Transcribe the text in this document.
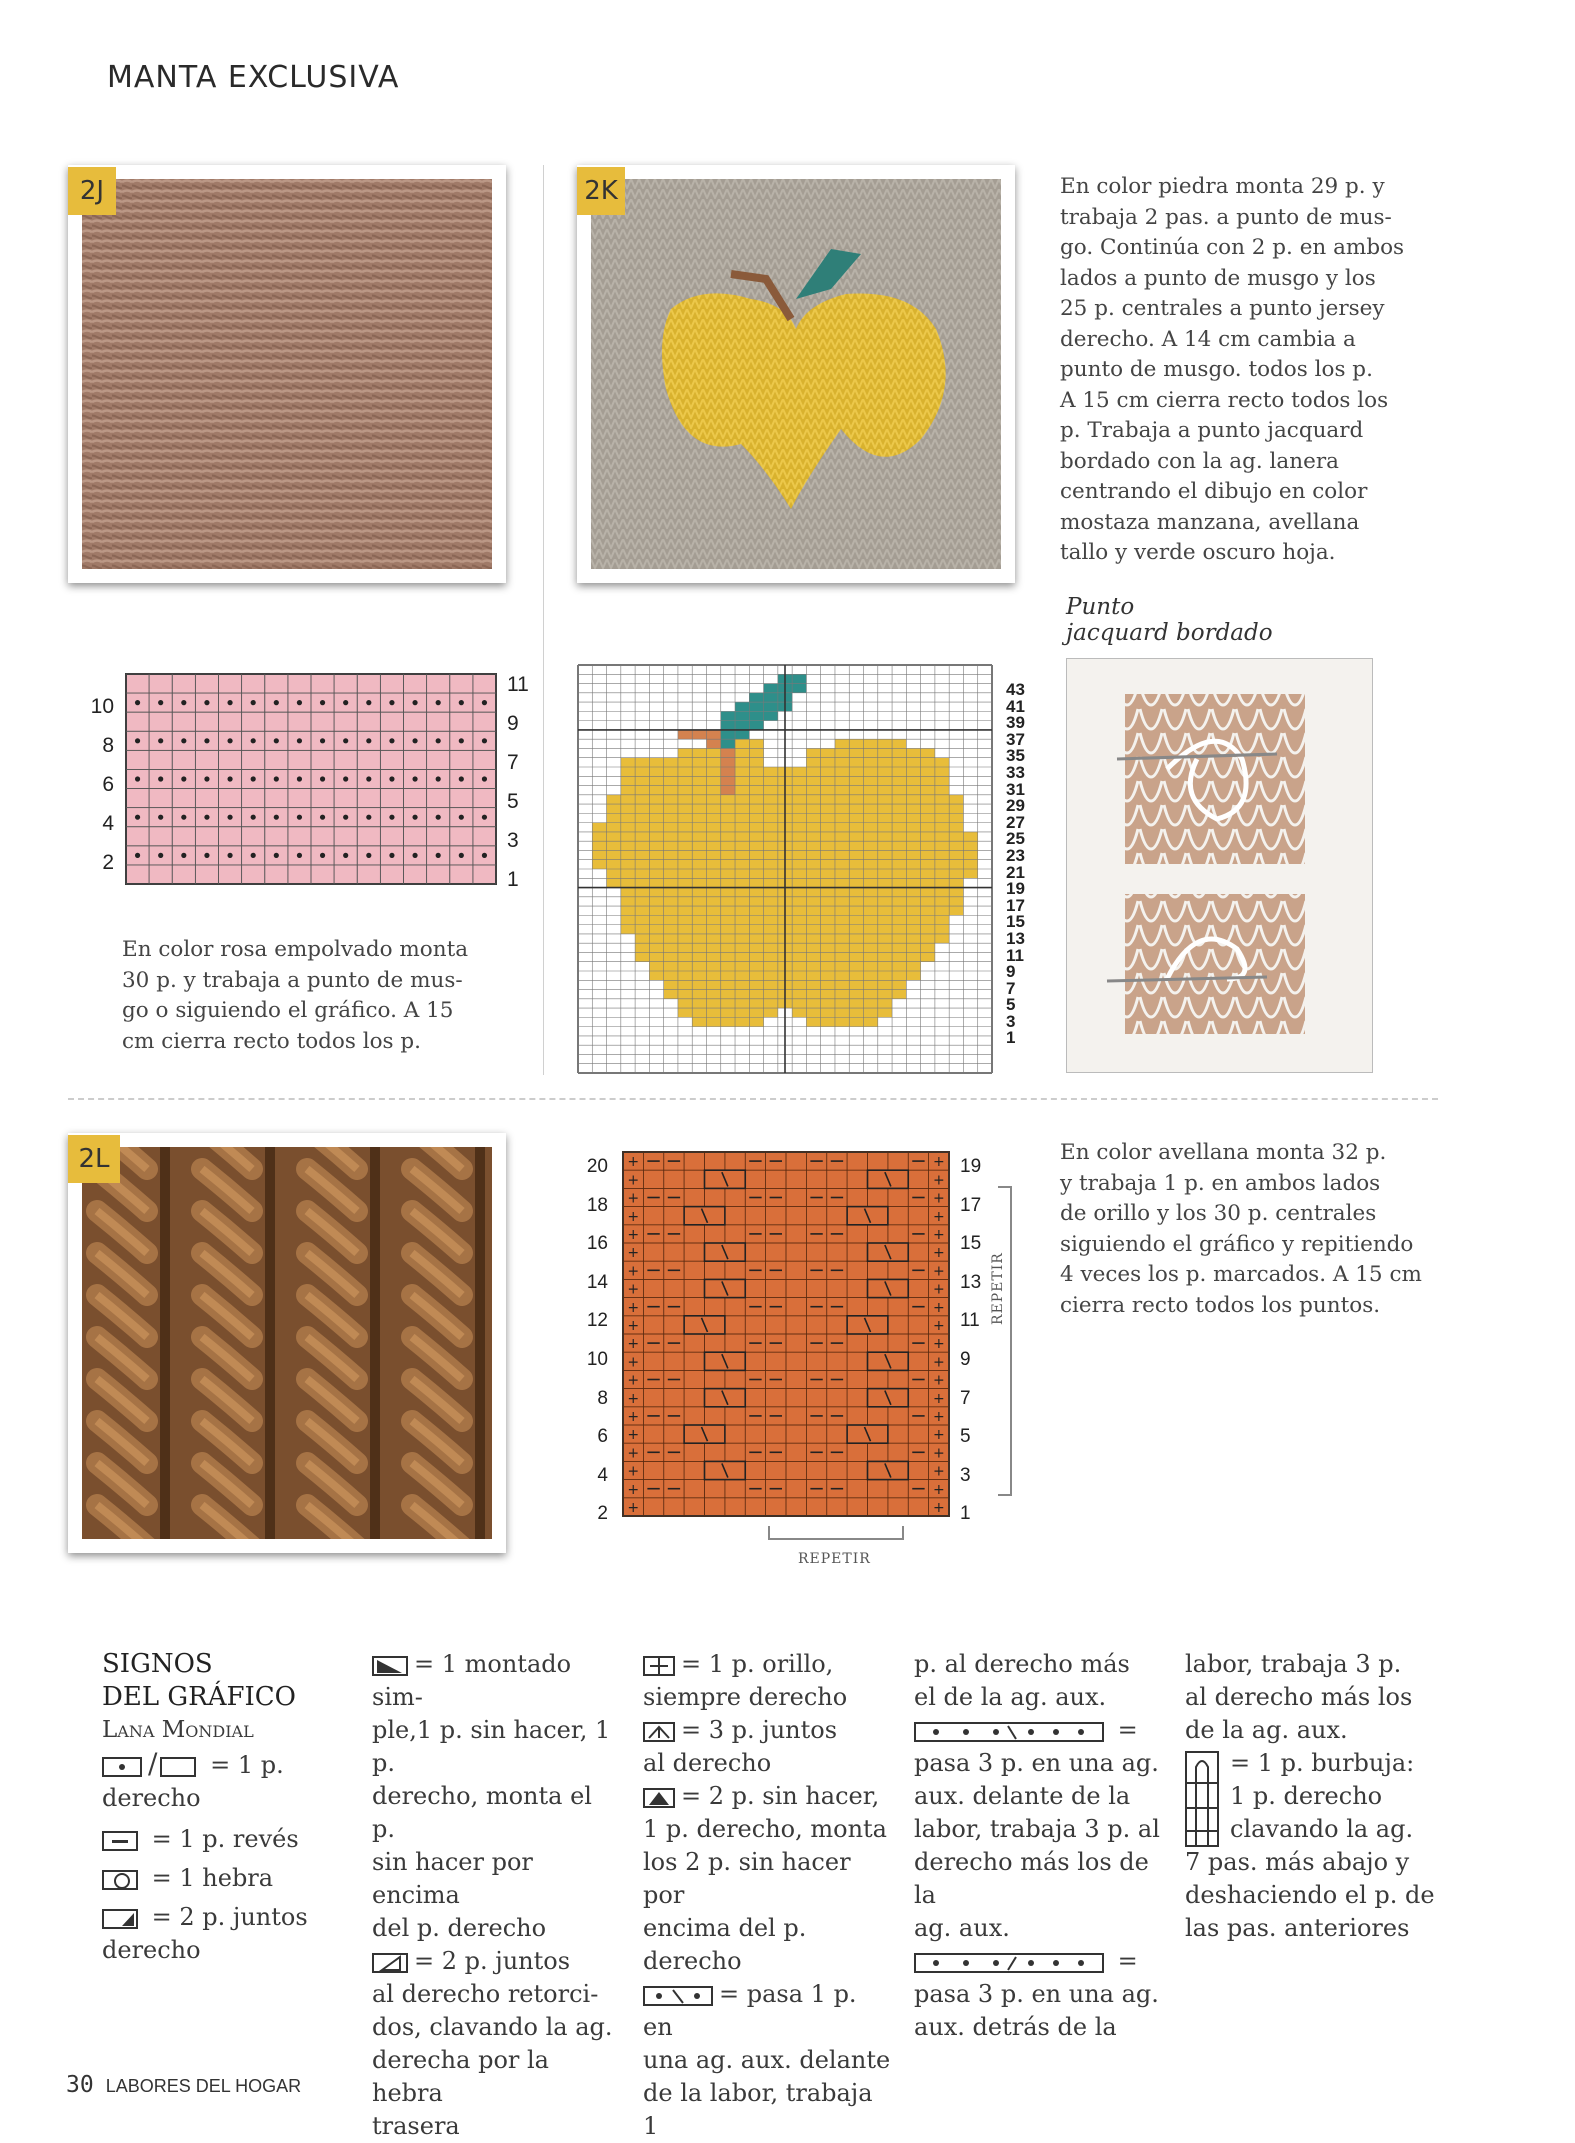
MANTA EXCLUSIVA
2J	2K	En color piedra monta 29 p. y
trabaja 2 pas. a punto de mus-
go. Continúa con 2 p. en ambos
lados a punto de musgo y los
25 p. centrales a punto jersey
derecho. A 14 cm cambia a
punto de musgo. todos los p.
A 15 cm cierra recto todos los
p. Trabaja a punto jacquard
bordado con la ag. lanera
centrando el dibujo en color
mostaza manzana, avellana
tallo y verde oscuro hoja.
10
8
6
4
2
11
9
7
5
3
1
En color rosa empolvado monta
30 p. y trabaja a punto de mus-
go o siguiendo el gráfico. A 15
cm cierra recto todos los p.
43
41
39
37
35
33
31
29
27
25
23
21
19
17
15
13
11
9
7
5
3
1
Punto
jacquard bordado
2L	20
18
16
14
12
10
8
6
4
2
+	+
+	+
+	+
+	+
+	+
+	+
+	+
+	+
+	+
+	+
+	+
+	+
+	+
+	+
+	+
+	+
+	+
+	+
+	+
+	+
19
17
15
13
11
9
7
5
3
1
REPETIR
REPETIR
En color avellana monta 32 p.
y trabaja 1 p. en ambos lados
de orillo y los 30 p. centrales
siguiendo el gráfico y repitiendo
4 veces los p. marcados. A 15 cm
cierra recto todos los puntos.
SIGNOS
DEL GRÁFICO
Lana Mondial
/ = 1 p.
derecho
= 1 p. revés
= 1 hebra
= 2 p. juntos
derecho
= 1 montado sim-
ple,1 p. sin hacer, 1 p.
derecho, monta el p.
sin hacer por encima
del p. derecho
= 2 p. juntos
al derecho retorci-
dos, clavando la ag.
derecha por la hebra
trasera
= 1 p. orillo,
siempre derecho
= 3 p. juntos
al derecho
= 2 p. sin hacer,
1 p. derecho, monta
los 2 p. sin hacer por
encima del p. derecho
= pasa 1 p. en
una ag. aux. delante
de la labor, trabaja 1
p. al derecho más
el de la ag. aux.
=
pasa 3 p. en una ag.
aux. delante de la
labor, trabaja 3 p. al
derecho más los de la
ag. aux.
=
pasa 3 p. en una ag.
aux. detrás de la
labor, trabaja 3 p.
al derecho más los
de la ag. aux.
= 1 p. burbuja:
1 p. derecho
clavando la ag.
7 pas. más abajo y
deshaciendo el p. de
las pas. anteriores
30 LABORES DEL HOGAR
